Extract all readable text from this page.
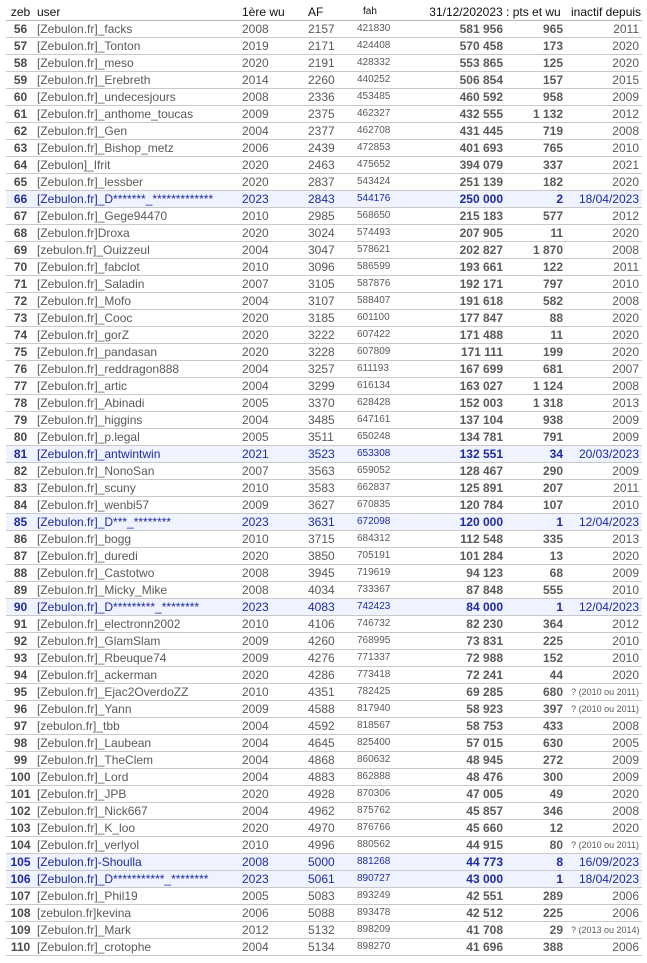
zeb	user	1ère wu	AF	fah	31/12/202023 : pts et wu		inactif depuis
56	[Zebulon.fr]_facks	2008	2157	421830	581 956	965	2011
57	[Zebulon.fr]_Tonton	2019	2171	424408	570 458	173	2020
58	[Zebulon.fr]_meso	2020	2191	428332	553 865	125	2020
59	[Zebulon.fr]_Erebreth	2014	2260	440252	506 854	157	2015
60	[Zebulon.fr]_undecesjours	2008	2336	453485	460 592	958	2009
61	[Zebulon.fr]_anthome_toucas	2009	2375	462327	432 555	1 132	2012
62	[Zebulon.fr]_Gen	2004	2377	462708	431 445	719	2008
63	[Zebulon.fr]_Bishop_metz	2006	2439	472853	401 693	765	2010
64	[Zebulon]_Ifrit	2020	2463	475652	394 079	337	2021
65	[Zebulon.fr]_lessber	2020	2837	543424	251 139	182	2020
66	[Zebulon.fr]_D*******_*************	2023	2843	544176	250 000	2	18/04/2023
67	[Zebulon.fr]_Gege94470	2010	2985	568650	215 183	577	2012
68	[Zebulon.fr]Droxa	2020	3024	574493	207 905	11	2020
69	[zebulon.fr]_Ouizzeul	2004	3047	578621	202 827	1 870	2008
70	[Zebulon.fr]_fabclot	2010	3096	586599	193 661	122	2011
71	[Zebulon.fr]_Saladin	2007	3105	587876	192 171	797	2010
72	[Zebulon.fr]_Mofo	2004	3107	588407	191 618	582	2008
73	[Zebulon.fr]_Cooc	2020	3185	601100	177 847	88	2020
74	[Zebulon.fr]_gorZ	2020	3222	607422	171 488	11	2020
75	[Zebulon.fr]_pandasan	2020	3228	607809	171 111	199	2020
76	[Zebulon.fr]_reddragon888	2004	3257	611193	167 699	681	2007
77	[Zebulon.fr]_artic	2004	3299	616134	163 027	1 124	2008
78	[Zebulon.fr]_Abinadi	2005	3370	628428	152 003	1 318	2013
79	[Zebulon.fr]_higgins	2004	3485	647161	137 104	938	2009
80	[Zebulon.fr]_p.legal	2005	3511	650248	134 781	791	2009
81	[Zebulon.fr]_antwintwin	2021	3523	653308	132 551	34	20/03/2023
82	[Zebulon.fr]_NonoSan	2007	3563	659052	128 467	290	2009
83	[Zebulon.fr]_scuny	2010	3583	662837	125 891	207	2011
84	[Zebulon.fr]_wenbi57	2009	3627	670835	120 784	107	2010
85	[Zebulon.fr]_D***_********	2023	3631	672098	120 000	1	12/04/2023
86	[Zebulon.fr]_bogg	2010	3715	684312	112 548	335	2013
87	[Zebulon.fr]_duredi	2020	3850	705191	101 284	13	2020
88	[Zebulon.fr]_Castotwo	2008	3945	719619	94 123	68	2009
89	[Zebulon.fr]_Micky_Mike	2008	4034	733367	87 848	555	2010
90	[Zebulon.fr]_D*********_********	2023	4083	742423	84 000	1	12/04/2023
91	[Zebulon.fr]_electronn2002	2010	4106	746732	82 230	364	2012
92	[Zebulon.fr]_GlamSlam	2009	4260	768995	73 831	225	2010
93	[Zebulon.fr]_Rbeuque74	2009	4276	771337	72 988	152	2010
94	[Zebulon.fr]_ackerman	2020	4286	773418	72 241	44	2020
95	[Zebulon.fr]_Ejac2OverdoZZ	2010	4351	782425	69 285	680	? (2010 ou 2011)
96	[Zebulon.fr]_Yann	2009	4588	817940	58 923	397	? (2010 ou 2011)
97	[zebulon.fr]_tbb	2004	4592	818567	58 753	433	2008
98	[Zebulon.fr]_Laubean	2004	4645	825400	57 015	630	2005
99	[Zebulon.fr]_TheClem	2004	4868	860632	48 945	272	2009
100	[Zebulon.fr]_Lord	2004	4883	862888	48 476	300	2009
101	[Zebulon.fr]_JPB	2020	4928	870306	47 005	49	2020
102	[Zebulon.fr]_Nick667	2004	4962	875762	45 857	346	2008
103	[Zebulon.fr]_K_loo	2020	4970	876766	45 660	12	2020
104	[Zebulon.fr]_verlyol	2010	4996	880562	44 915	80	? (2010 ou 2011)
105	[Zebulon.fr]-Shoulla	2008	5000	881268	44 773	8	16/09/2023
106	[Zebulon.fr]_D***********_********	2023	5061	890727	43 000	1	18/04/2023
107	[Zebulon.fr]_Phil19	2005	5083	893249	42 551	289	2006
108	[zebulon.fr]kevina	2006	5088	893478	42 512	225	2006
109	[Zebulon.fr]_Mark	2012	5132	898209	41 708	29	? (2013 ou 2014)
110	[Zebulon.fr]_crotophe	2004	5134	898270	41 696	388	2006
